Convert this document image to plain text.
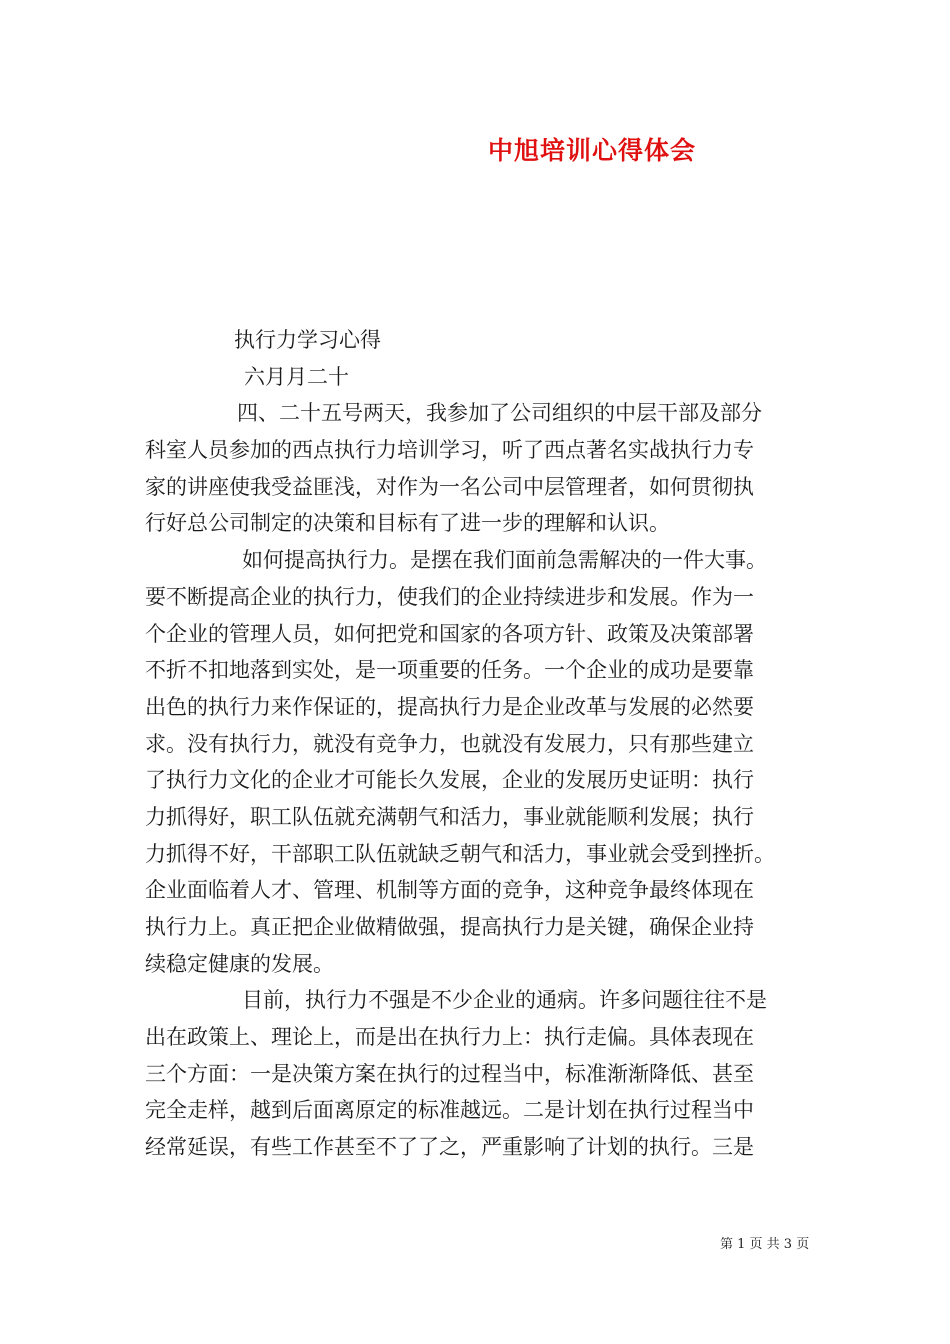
中旭培训心得体会
执行力学习心得
六月月二十
四、二十五号两天，我参加了公司组织的中层干部及部分
科室人员参加的西点执行力培训学习，听了西点著名实战执行力专
家的讲座使我受益匪浅，对作为一名公司中层管理者，如何贯彻执
行好总公司制定的决策和目标有了进一步的理解和认识。
如何提高执行力。是摆在我们面前急需解决的一件大事。
要不断提高企业的执行力，使我们的企业持续进步和发展。作为一
个企业的管理人员，如何把党和国家的各项方针、政策及决策部署
不折不扣地落到实处，是一项重要的任务。一个企业的成功是要靠
出色的执行力来作保证的，提高执行力是企业改革与发展的必然要
求。没有执行力，就没有竞争力，也就没有发展力，只有那些建立
了执行力文化的企业才可能长久发展，企业的发展历史证明：执行
力抓得好，职工队伍就充满朝气和活力，事业就能顺利发展；执行
力抓得不好，干部职工队伍就缺乏朝气和活力，事业就会受到挫折。
企业面临着人才、管理、机制等方面的竞争，这种竞争最终体现在
执行力上。真正把企业做精做强，提高执行力是关键，确保企业持
续稳定健康的发展。
目前，执行力不强是不少企业的通病。许多问题往往不是
出在政策上、理论上，而是出在执行力上：执行走偏。具体表现在
三个方面：一是决策方案在执行的过程当中，标准渐渐降低、甚至
完全走样，越到后面离原定的标准越远。二是计划在执行过程当中
经常延误，有些工作甚至不了了之，严重影响了计划的执行。三是
第 1 页 共 3 页
